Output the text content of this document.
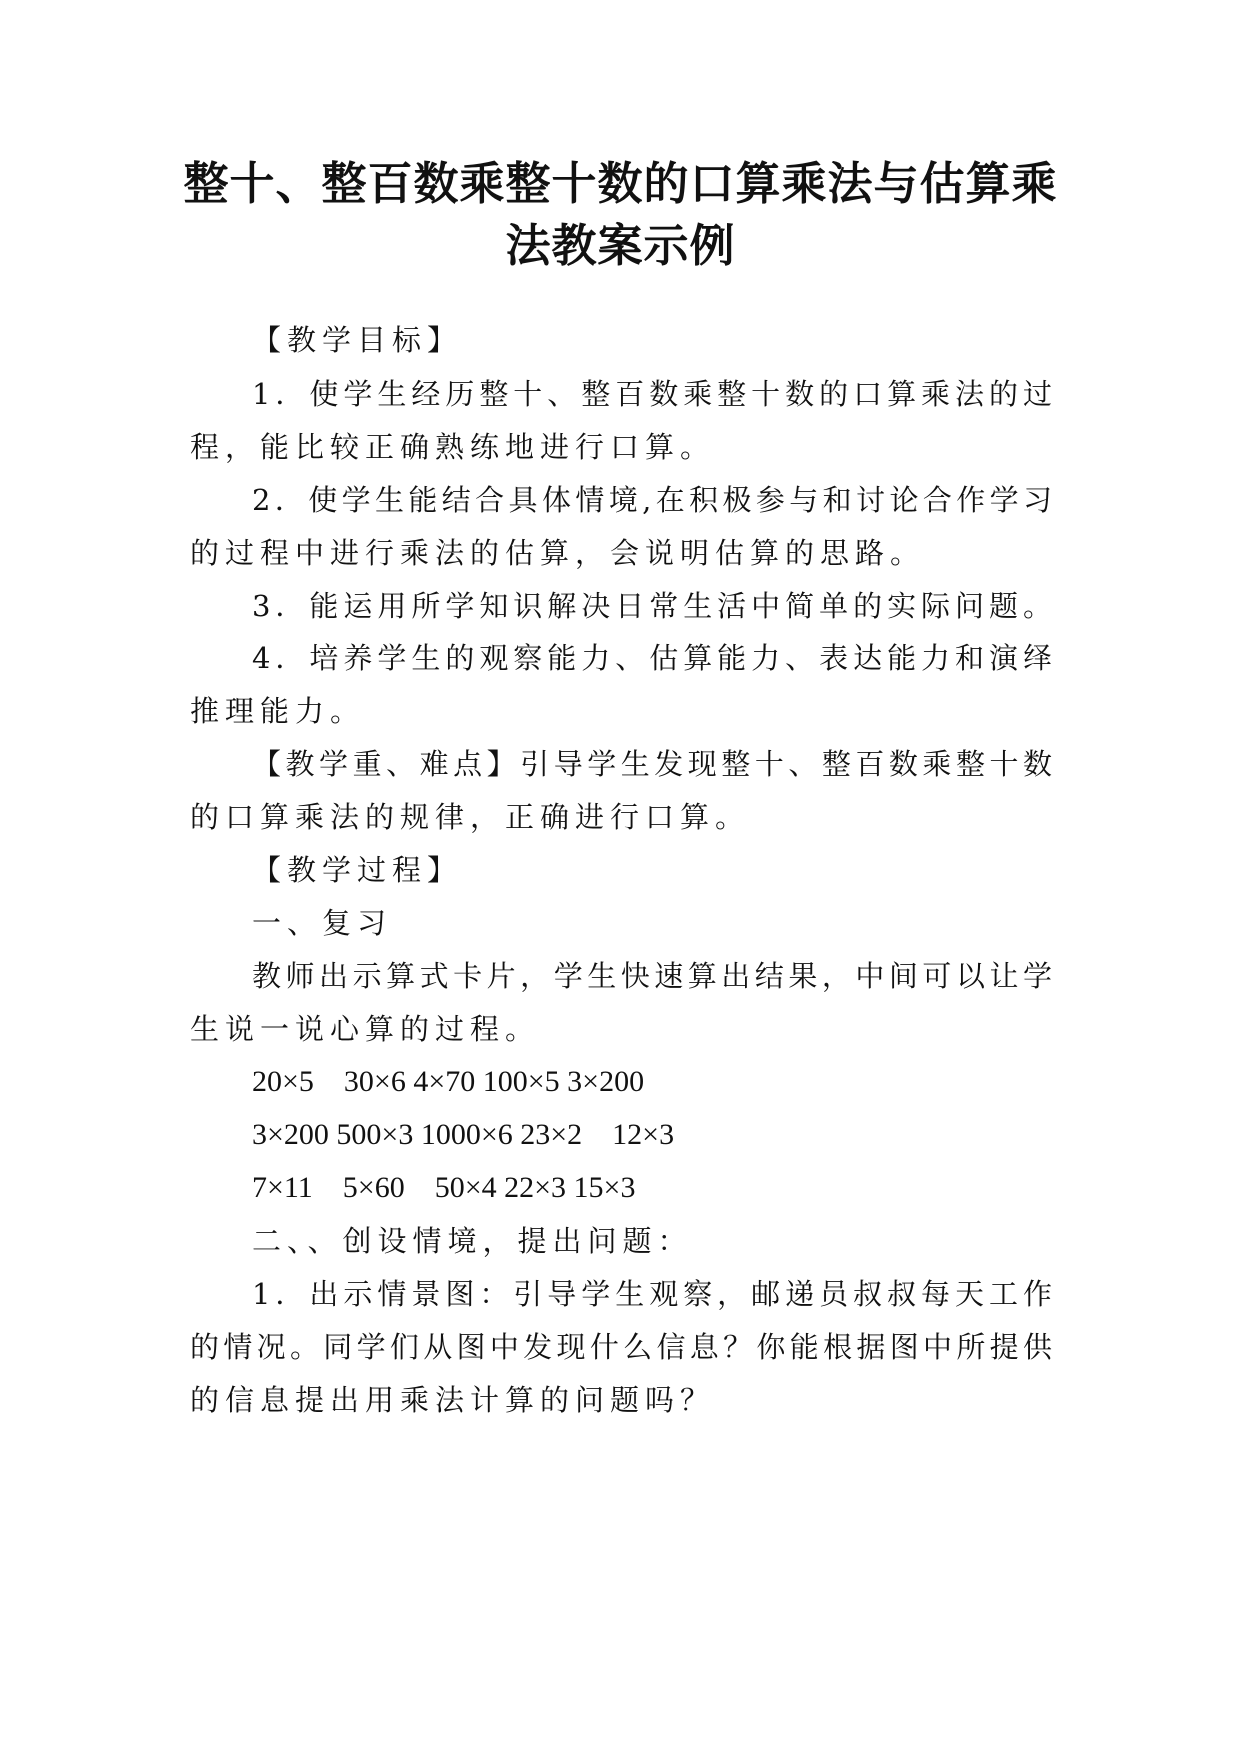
整十、整百数乘整十数的口算乘法与估算乘
法教案示例

【教学目标】

1．使学生经历整十、整百数乘整十数的口算乘法的过

程，能比较正确熟练地进行口算。

2．使学生能结合具体情境,在积极参与和讨论合作学习

的过程中进行乘法的估算，会说明估算的思路。

3．能运用所学知识解决日常生活中简单的实际问题。

4．培养学生的观察能力、估算能力、表达能力和演绎

推理能力。

【教学重、难点】引导学生发现整十、整百数乘整十数

的口算乘法的规律，正确进行口算。

【教学过程】

一、复习

教师出示算式卡片，学生快速算出结果，中间可以让学

生说一说心算的过程。

20×5　30×6 4×70 100×5 3×200

3×200 500×3 1000×6 23×2　12×3

7×11　5×60　50×4 22×3 15×3

二、、创设情境，提出问题：

1．出示情景图：引导学生观察，邮递员叔叔每天工作

的情况。同学们从图中发现什么信息？你能根据图中所提供

的信息提出用乘法计算的问题吗？
